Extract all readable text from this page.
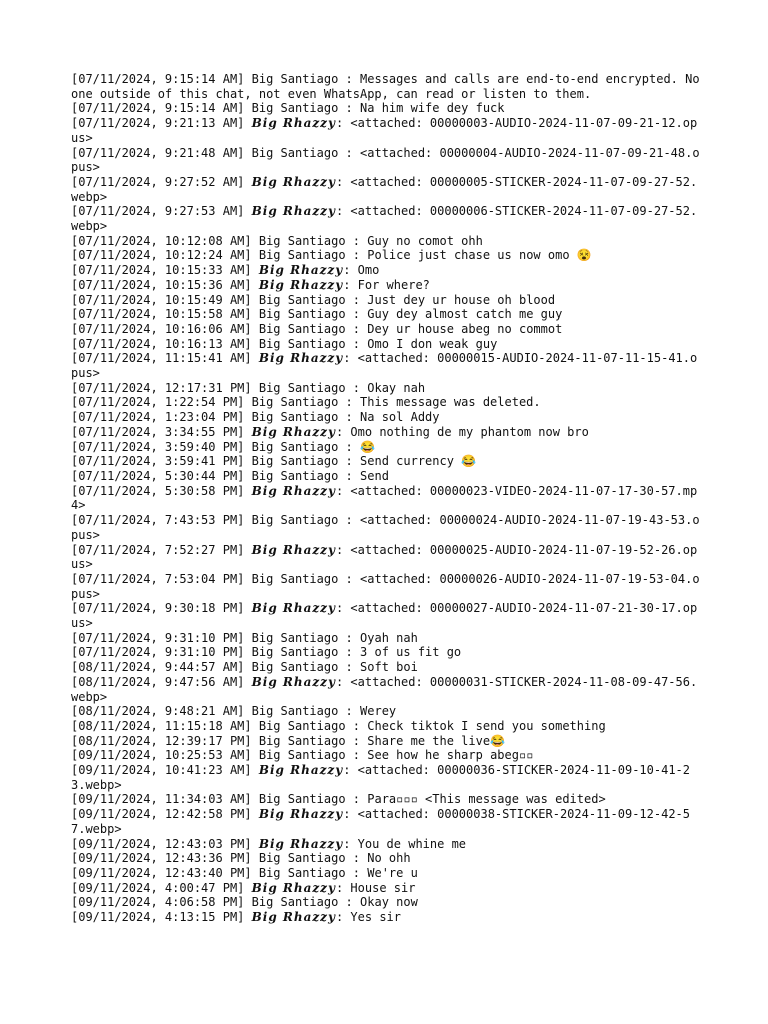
[07/11/2024, 9:15:14 AM] Big Santiago : Messages and calls are end-to-end encrypted. No one outside of this chat, not even WhatsApp, can read or listen to them.

[07/11/2024, 9:15:14 AM] Big Santiago : Na him wife dey fuck

[07/11/2024, 9:21:13 AM] Big Rhazzy: <attached: 00000003-AUDIO-2024-11-07-09-21-12.opus>

[07/11/2024, 9:21:48 AM] Big Santiago : <attached: 00000004-AUDIO-2024-11-07-09-21-48.opus>

[07/11/2024, 9:27:52 AM] Big Rhazzy: <attached: 00000005-STICKER-2024-11-07-09-27-52.webp>

[07/11/2024, 9:27:53 AM] Big Rhazzy: <attached: 00000006-STICKER-2024-11-07-09-27-52.webp>

[07/11/2024, 10:12:08 AM] Big Santiago : Guy no comot ohh

[07/11/2024, 10:12:24 AM] Big Santiago : Police just chase us now omo 😵

[07/11/2024, 10:15:33 AM] Big Rhazzy: Omo

[07/11/2024, 10:15:36 AM] Big Rhazzy: For where?

[07/11/2024, 10:15:49 AM] Big Santiago : Just dey ur house oh blood

[07/11/2024, 10:15:58 AM] Big Santiago : Guy dey almost catch me guy

[07/11/2024, 10:16:06 AM] Big Santiago : Dey ur house abeg no commot

[07/11/2024, 10:16:13 AM] Big Santiago : Omo I don weak guy

[07/11/2024, 11:15:41 AM] Big Rhazzy: <attached: 00000015-AUDIO-2024-11-07-11-15-41.opus>

[07/11/2024, 12:17:31 PM] Big Santiago : Okay nah

[07/11/2024, 1:22:54 PM] Big Santiago : This message was deleted.

[07/11/2024, 1:23:04 PM] Big Santiago : Na sol Addy

[07/11/2024, 3:34:55 PM] Big Rhazzy: Omo nothing de my phantom now bro

[07/11/2024, 3:59:40 PM] Big Santiago : 😂

[07/11/2024, 3:59:41 PM] Big Santiago : Send currency 😂

[07/11/2024, 5:30:44 PM] Big Santiago : Send

[07/11/2024, 5:30:58 PM] Big Rhazzy: <attached: 00000023-VIDEO-2024-11-07-17-30-57.mp4>

[07/11/2024, 7:43:53 PM] Big Santiago : <attached: 00000024-AUDIO-2024-11-07-19-43-53.opus>

[07/11/2024, 7:52:27 PM] Big Rhazzy: <attached: 00000025-AUDIO-2024-11-07-19-52-26.opus>

[07/11/2024, 7:53:04 PM] Big Santiago : <attached: 00000026-AUDIO-2024-11-07-19-53-04.opus>

[07/11/2024, 9:30:18 PM] Big Rhazzy: <attached: 00000027-AUDIO-2024-11-07-21-30-17.opus>

[07/11/2024, 9:31:10 PM] Big Santiago : Oyah nah

[07/11/2024, 9:31:10 PM] Big Santiago : 3 of us fit go

[08/11/2024, 9:44:57 AM] Big Santiago : Soft boi

[08/11/2024, 9:47:56 AM] Big Rhazzy: <attached: 00000031-STICKER-2024-11-08-09-47-56.webp>

[08/11/2024, 9:48:21 AM] Big Santiago : Werey

[08/11/2024, 11:15:18 AM] Big Santiago : Check tiktok I send you something

[08/11/2024, 12:39:17 PM] Big Santiago : Share me the live😂

[09/11/2024, 10:25:53 AM] Big Santiago : See how he sharp abeg▫▫

[09/11/2024, 10:41:23 AM] Big Rhazzy: <attached: 00000036-STICKER-2024-11-09-10-41-23.webp>

[09/11/2024, 11:34:03 AM] Big Santiago : Para▫▫▫ <This message was edited>

[09/11/2024, 12:42:58 PM] Big Rhazzy: <attached: 00000038-STICKER-2024-11-09-12-42-57.webp>

[09/11/2024, 12:43:03 PM] Big Rhazzy: You de whine me

[09/11/2024, 12:43:36 PM] Big Santiago : No ohh

[09/11/2024, 12:43:40 PM] Big Santiago : We're u

[09/11/2024, 4:00:47 PM] Big Rhazzy: House sir

[09/11/2024, 4:06:58 PM] Big Santiago : Okay now

[09/11/2024, 4:13:15 PM] Big Rhazzy: Yes sir
